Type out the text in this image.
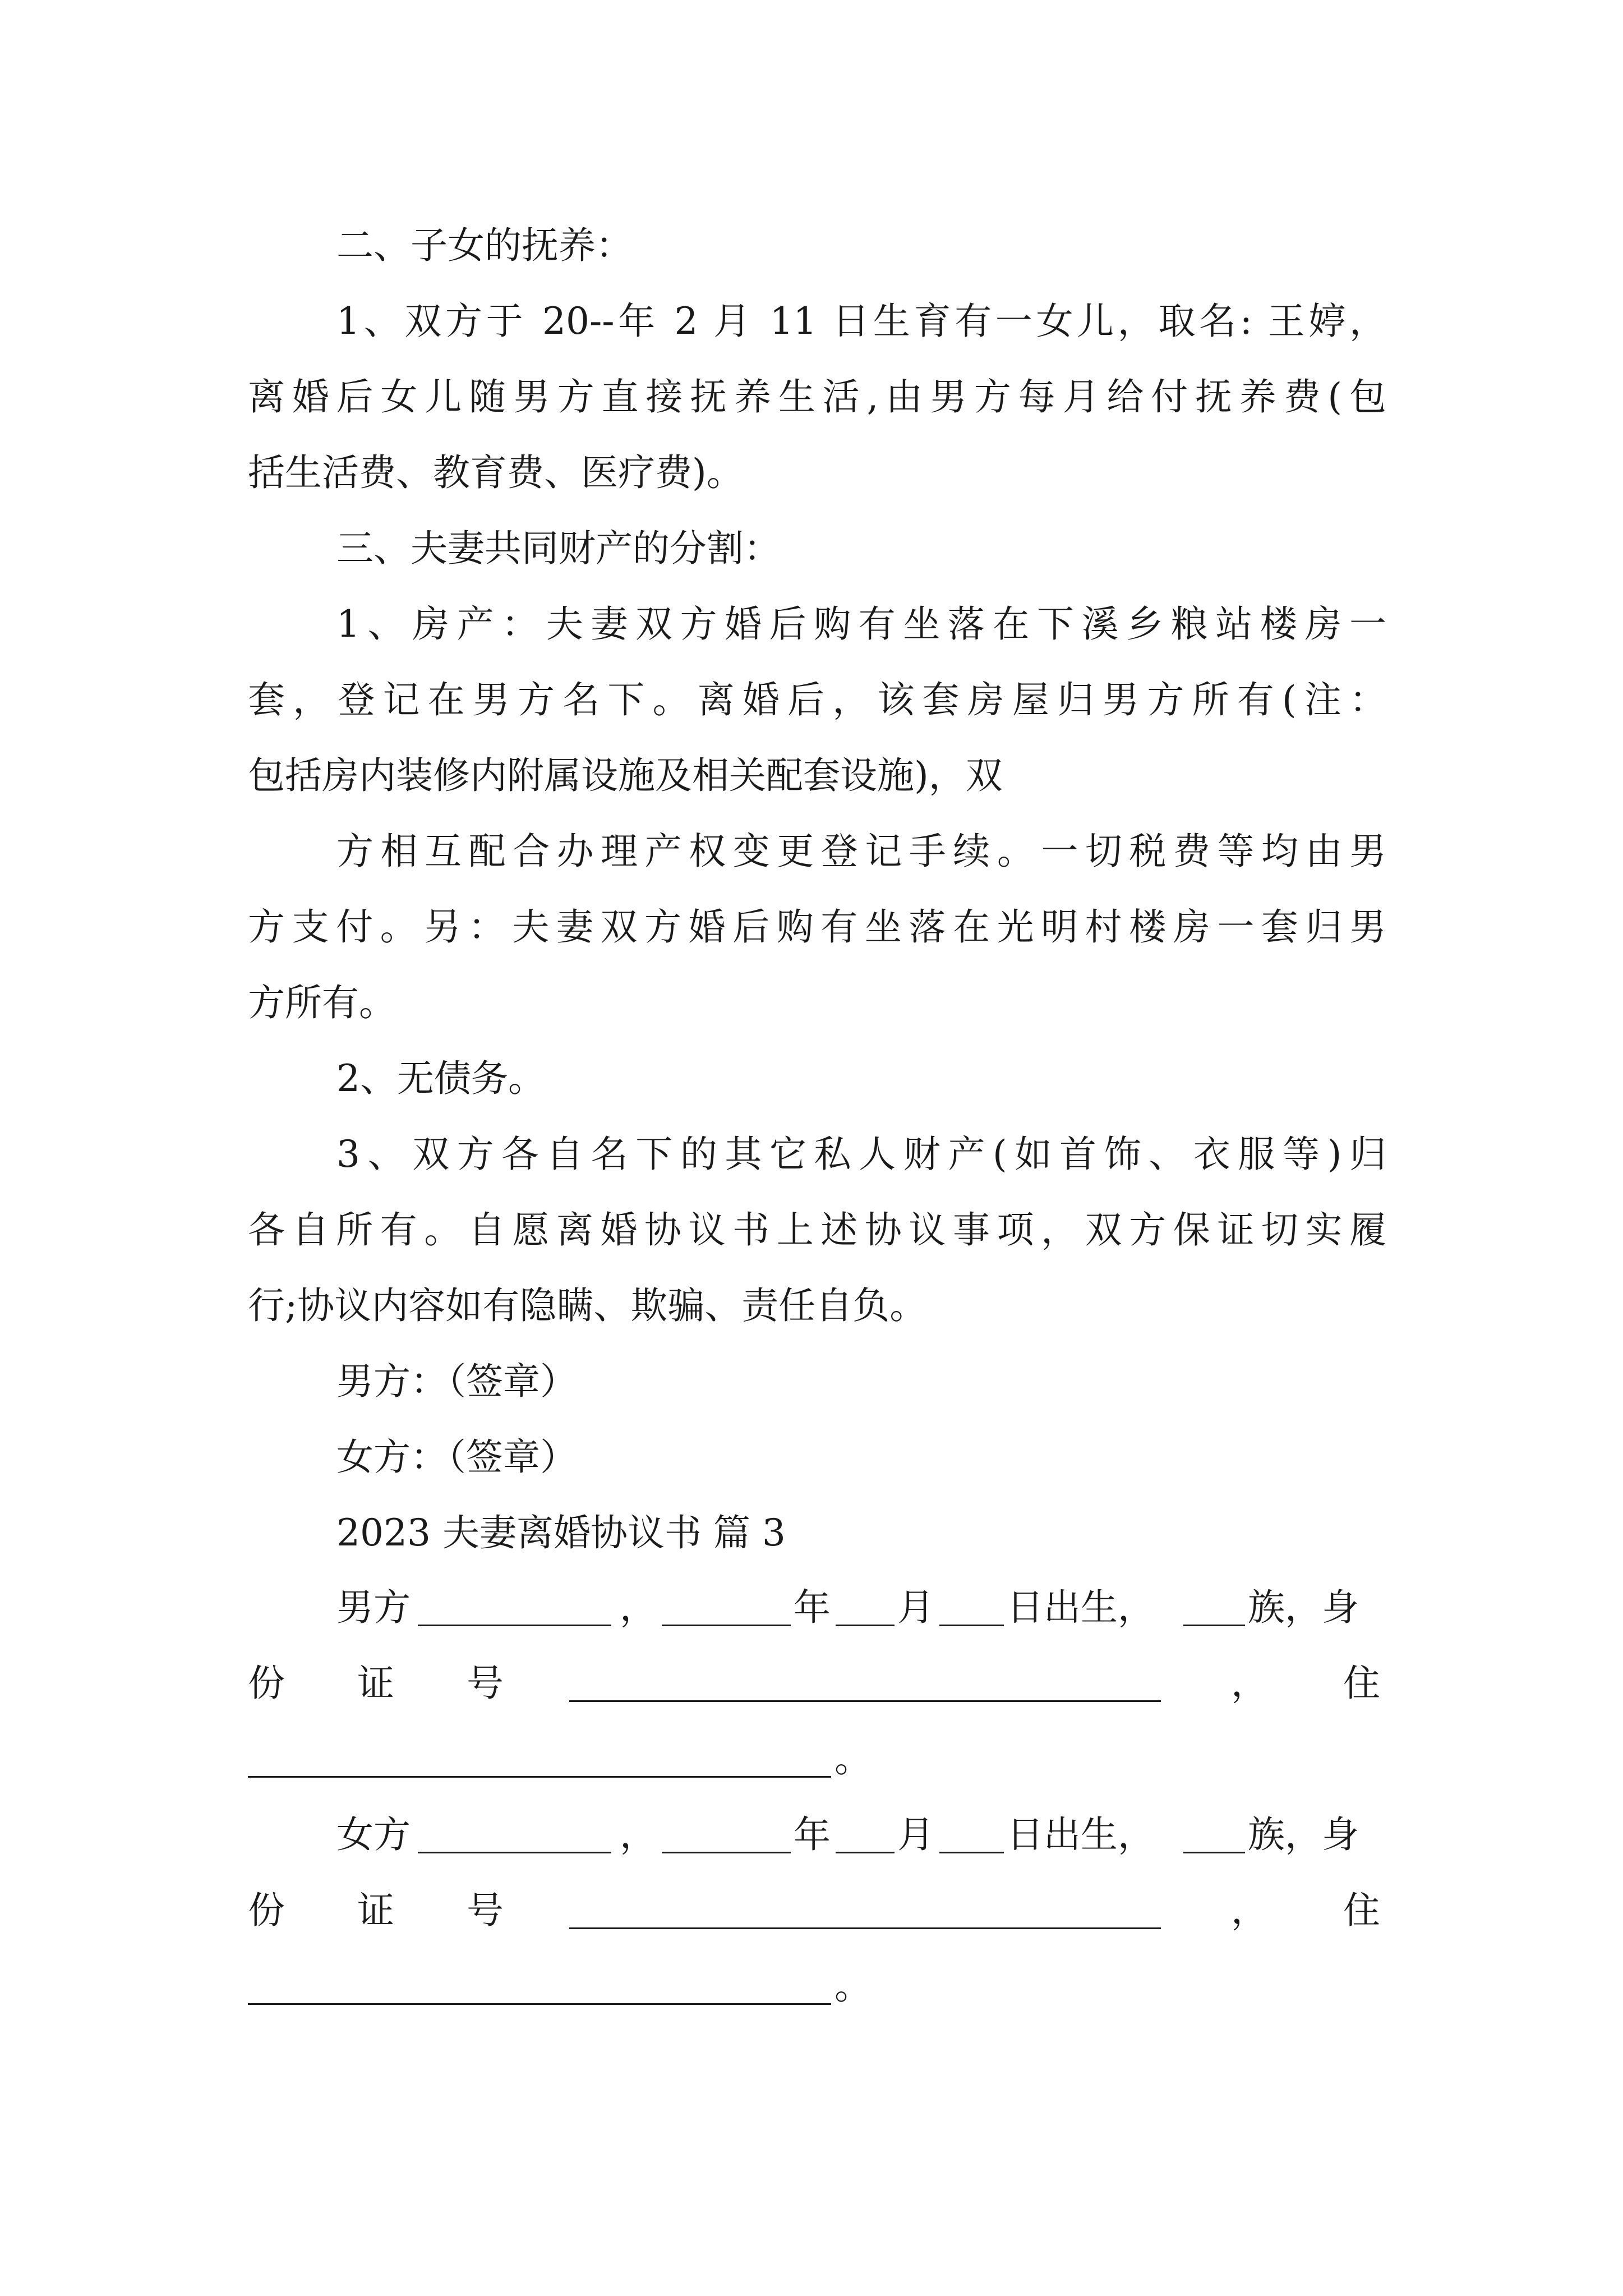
二、子女的抚养：
1、双方于 20--年 2 月 11 日生育有一女儿，取名: 王婷，
离婚后女儿随男方直接抚养生活,由男方每月给付抚养费(包
括生活费、教育费、医疗费)。
三、夫妻共同财产的分割：
1、房产：夫妻双方婚后购有坐落在下溪乡粮站楼房一
套，登记在男方名下。离婚后，该套房屋归男方所有(注：
包括房内装修内附属设施及相关配套设施)，双
方相互配合办理产权变更登记手续。一切税费等均由男
方支付。另：夫妻双方婚后购有坐落在光明村楼房一套归男
方所有。
2、无债务。
3、双方各自名下的其它私人财产(如首饰、衣服等)归
各自所有。自愿离婚协议书上述协议事项，双方保证切实履
行;协议内容如有隐瞒、欺骗、责任自负。
男方：（签章）
女方：（签章）
2023 夫妻离婚协议书 篇 3
男方	，	年 月 日出生，	族，身
份 证 号	， 住
。
女方	，	年 月 日出生，	族，身
份 证 号	， 住
。
